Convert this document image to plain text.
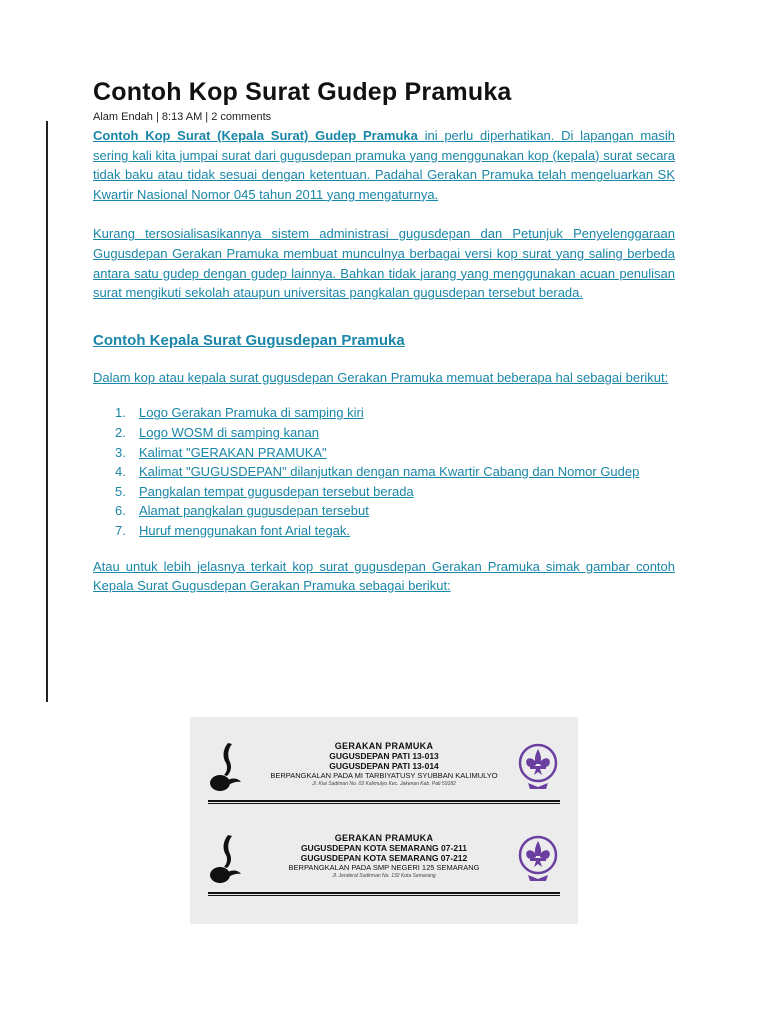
Contoh Kop Surat Gudep Pramuka
Alam Endah | 8:13 AM | 2 comments

Contoh Kop Surat (Kepala Surat) Gudep Pramuka ini perlu diperhatikan. Di lapangan masih sering kali kita jumpai surat dari gugusdepan pramuka yang menggunakan kop (kepala) surat secara tidak baku atau tidak sesuai dengan ketentuan. Padahal Gerakan Pramuka telah mengeluarkan SK Kwartir Nasional Nomor 045 tahun 2011 yang mengaturnya.

Kurang tersosialisasikannya sistem administrasi gugusdepan dan Petunjuk Penyelenggaraan Gugusdepan Gerakan Pramuka membuat munculnya berbagai versi kop surat yang saling berbeda antara satu gudep dengan gudep lainnya. Bahkan tidak jarang yang menggunakan acuan penulisan surat mengikuti sekolah ataupun universitas pangkalan gugusdepan tersebut berada.

Contoh Kepala Surat Gugusdepan Pramuka

Dalam kop atau kepala surat gugusdepan Gerakan Pramuka memuat beberapa hal sebagai berikut:

1. Logo Gerakan Pramuka di samping kiri
2. Logo WOSM di samping kanan
3. Kalimat "GERAKAN PRAMUKA"
4. Kalimat "GUGUSDEPAN" dilanjutkan dengan nama Kwartir Cabang dan Nomor Gudep
5. Pangkalan tempat gugusdepan tersebut berada
6. Alamat pangkalan gugusdepan tersebut
7. Huruf menggunakan font Arial tegak.

Atau untuk lebih jelasnya terkait kop surat gugusdepan Gerakan Pramuka simak gambar contoh Kepala Surat Gugusdepan Gerakan Pramuka sebagai berikut:

GERAKAN PRAMUKA
GUGUSDEPAN PATI 13-013
GUGUSDEPAN PATI 13-014
BERPANGKALAN PADA MI TARBIYATUSY SYUBBAN KALIMULYO
Jl. Kiai Sadiman No. 02 Kalimulyo Kec. Jakenan Kab. Pati 59182
GERAKAN PRAMUKA
GUGUSDEPAN KOTA SEMARANG 07-211
GUGUSDEPAN KOTA SEMARANG 07-212
BERPANGKALAN PADA SMP NEGERI 125 SEMARANG
Jl. Jenderal Sudirman No. 132 Kota Semarang
